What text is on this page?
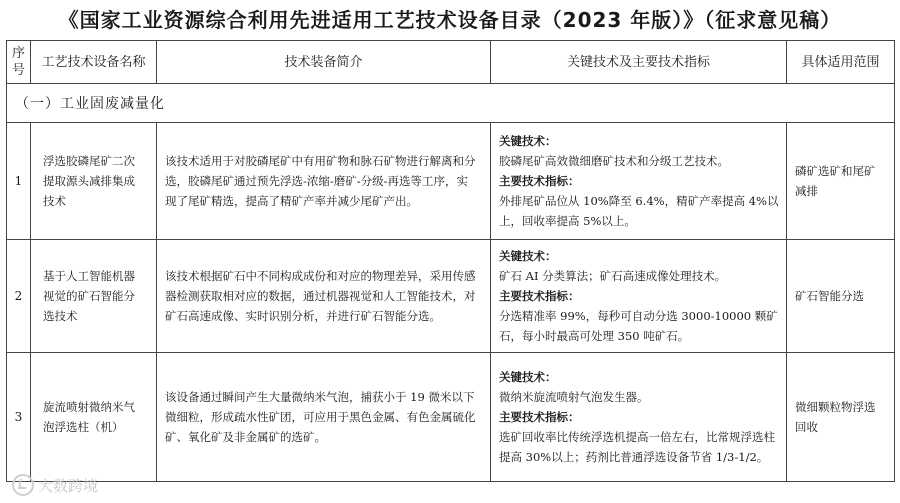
《国家工业资源综合利用先进适用工艺技术设备目录（2023 年版）》（征求意见稿）
序号	工艺技术设备名称	技术装备简介	关键技术及主要技术指标	具体适用范围
（一）工业固废减量化				
1	浮选胶磷尾矿二次提取源头减排集成技术	该技术适用于对胶磷尾矿中有用矿物和脉石矿物进行解离和分选，胶磷尾矿通过预先浮选-浓缩-磨矿-分级-再选等工序，实现了尾矿精选，提高了精矿产率并减少尾矿产出。	关键技术：
胶磷尾矿高效微细磨矿技术和分级工艺技术。
主要技术指标：
外排尾矿品位从 10%降至 6.4%，精矿产率提高 4%以上，回收率提高 5%以上。	磷矿选矿和尾矿减排
2	基于人工智能机器视觉的矿石智能分选技术	该技术根据矿石中不同构成成份和对应的物理差异，采用传感器检测获取相对应的数据，通过机器视觉和人工智能技术，对矿石高速成像、实时识别分析，并进行矿石智能分选。	关键技术：
矿石 AI 分类算法；矿石高速成像处理技术。
主要技术指标：
分选精准率 99%，每秒可自动分选 3000-10000 颗矿石，每小时最高可处理 350 吨矿石。	矿石智能分选
3	旋流喷射微纳米气泡浮选柱（机）	该设备通过瞬间产生大量微纳米气泡，捕获小于 19 微米以下微细粒，形成疏水性矿团，可应用于黑色金属、有色金属硫化矿、氧化矿及非金属矿的选矿。	关键技术：
微纳米旋流喷射气泡发生器。
主要技术指标：
选矿回收率比传统浮选机提高一倍左右，比常规浮选柱提高 30%以上；药剂比普通浮选设备节省 1/3-1/2。	微细颗粒物浮选回收
大数跨境
